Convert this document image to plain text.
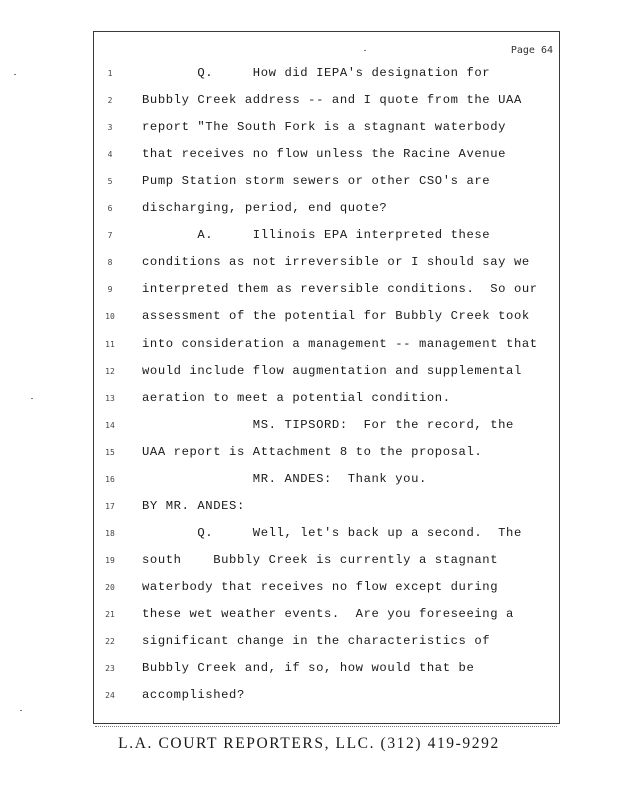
Page 64
1	Q.     How did IEPA's designation for
2	Bubbly Creek address -- and I quote from the UAA
3	report "The South Fork is a stagnant waterbody
4	that receives no flow unless the Racine Avenue
5	Pump Station storm sewers or other CSO's are
6	discharging, period, end quote?
7	A.     Illinois EPA interpreted these
8	conditions as not irreversible or I should say we
9	interpreted them as reversible conditions.  So our
10	assessment of the potential for Bubbly Creek took
11	into consideration a management -- management that
12	would include flow augmentation and supplemental
13	aeration to meet a potential condition.
14	MS. TIPSORD:  For the record, the
15	UAA report is Attachment 8 to the proposal.
16	MR. ANDES:  Thank you.
17	BY MR. ANDES:
18	Q.     Well, let's back up a second.  The
19	south    Bubbly Creek is currently a stagnant
20	waterbody that receives no flow except during
21	these wet weather events.  Are you foreseeing a
22	significant change in the characteristics of
23	Bubbly Creek and, if so, how would that be
24	accomplished?
L.A. COURT REPORTERS, LLC. (312) 419-9292
